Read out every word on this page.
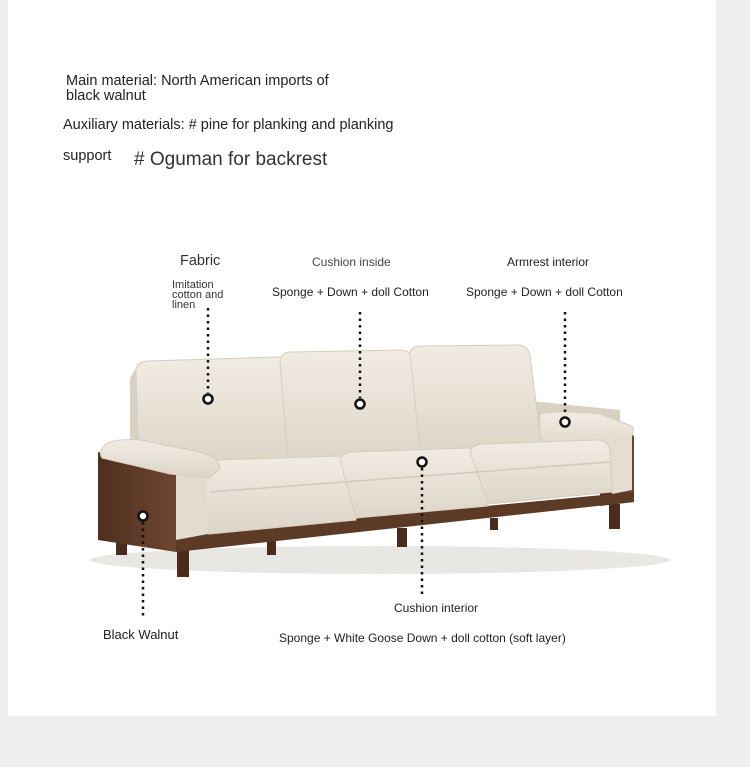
Main material: North American imports of black walnut
Auxiliary materials: # pine for planking and planking
support # Oguman for backrest
Fabric
Imitation cotton and linen
Cushion inside
Sponge + Down + doll Cotton
Armrest interior
Sponge + Down + doll Cotton
Cushion interior
Sponge + White Goose Down + doll cotton (soft layer)
Black Walnut
